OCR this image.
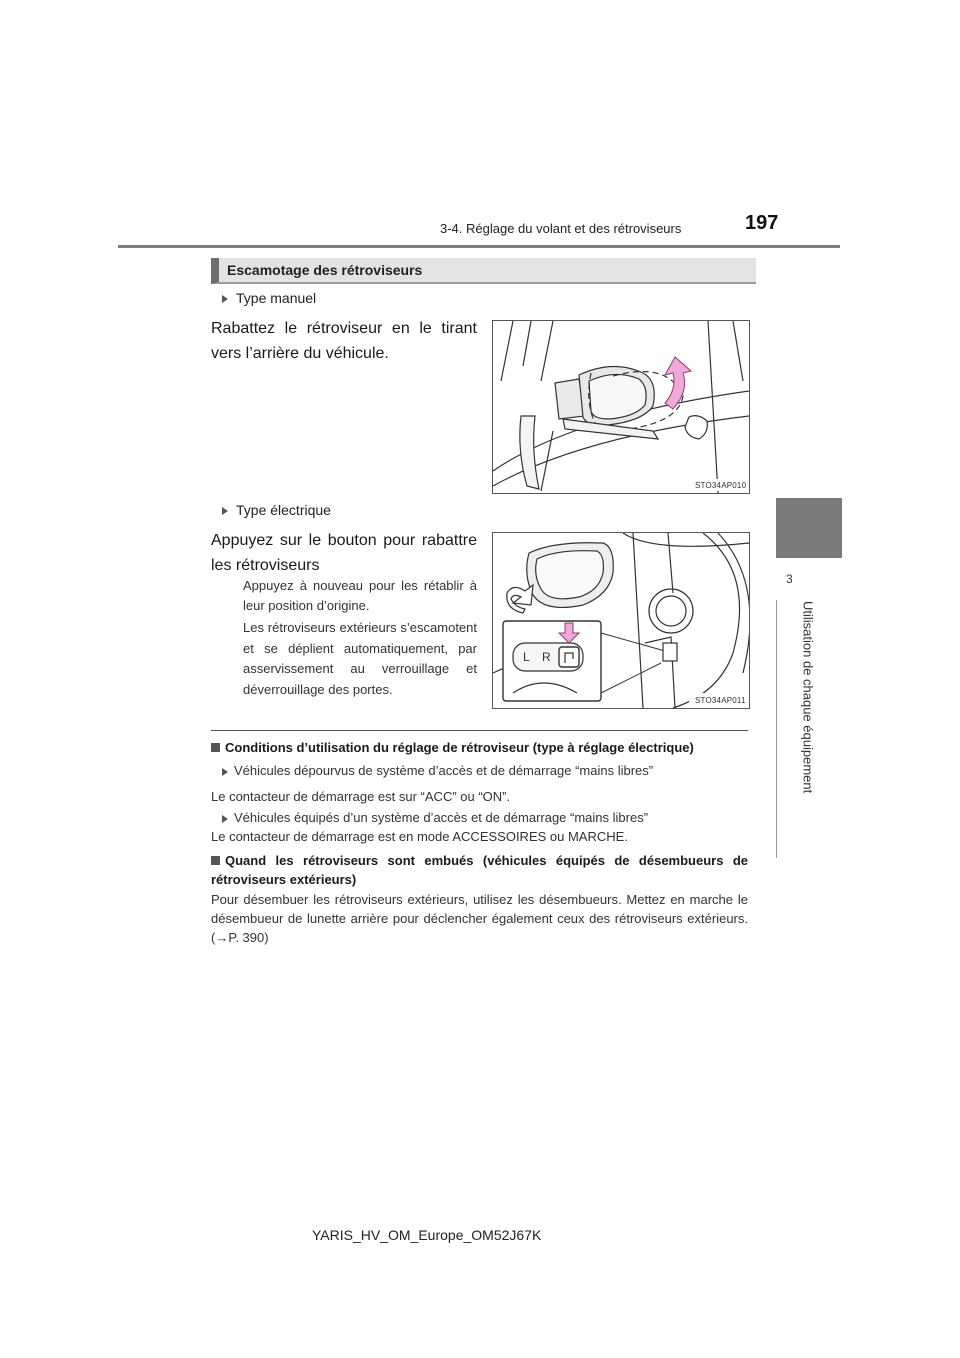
3-4. Réglage du volant et des rétroviseurs	197
3
Utilisation de chaque équipement
Escamotage des rétroviseurs
Type manuel
Rabattez le rétroviseur en le tirant vers l’arrière du véhicule.
STO34AP010
Type électrique
Appuyez sur le bouton pour rabattre les rétroviseurs
Appuyez à nouveau pour les rétablir à leur position d’origine.
Les rétroviseurs extérieurs s’escamotent et se déplient automatiquement, par asservissement au verrouillage et déverrouillage des portes.
L R
STO34AP011
Conditions d’utilisation du réglage de rétroviseur (type à réglage électrique)
Véhicules dépourvus de système d’accès et de démarrage “mains libres”
Le contacteur de démarrage est sur “ACC” ou “ON”.
Véhicules équipés d’un système d’accès et de démarrage “mains libres”
Le contacteur de démarrage est en mode ACCESSOIRES ou MARCHE.
Quand les rétroviseurs sont embués (véhicules équipés de désembueurs de rétroviseurs extérieurs)
Pour désembuer les rétroviseurs extérieurs, utilisez les désembueurs. Mettez en marche le désembueur de lunette arrière pour déclencher également ceux des rétroviseurs extérieurs. (→P. 390)
YARIS_HV_OM_Europe_OM52J67K
